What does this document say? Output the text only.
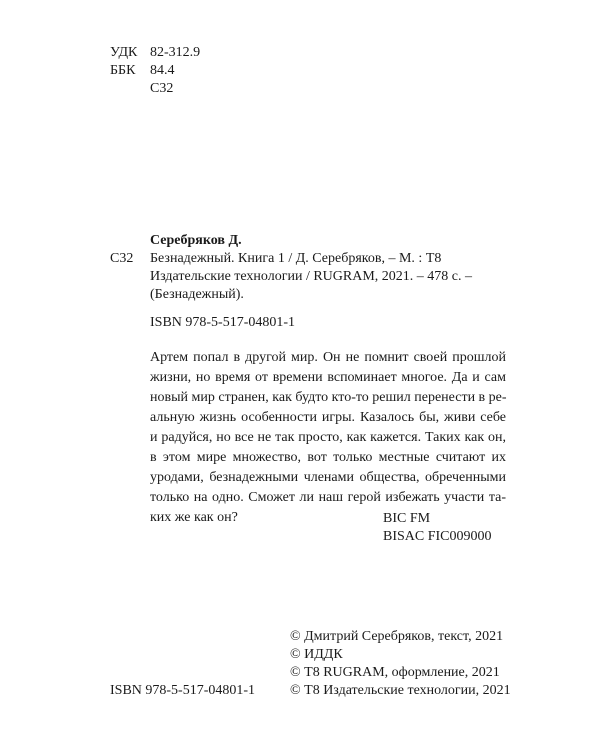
УДК 82-312.9
ББК	84.4
С32
Серебряков Д.
С32 Безнадежный. Книга 1 / Д. Серебряков, – М. : Т8
Издательские технологии / RUGRAM, 2021. – 478 с. –
(Безнадежный).
ISBN 978-5-517-04801-1
Артем попал в другой мир. Он не помнит своей прошлой
жизни, но время от времени вспоминает многое. Да и сам
новый мир странен, как будто кто-то решил перенести в ре-
альную жизнь особенности игры. Казалось бы, живи себе
и радуйся, но все не так просто, как кажется. Таких как он,
в этом мире множество, вот только местные считают их
уродами, безнадежными членами общества, обреченными
только на одно. Сможет ли наш герой избежать участи та-
ких же как он?	BIC FM
BISAC FIC009000
ISBN 978-5-517-04801-1
© Дмитрий Серебряков, текст, 2021
© ИДДК
© Т8 RUGRAM, оформление, 2021
© Т8 Издательские технологии, 2021
